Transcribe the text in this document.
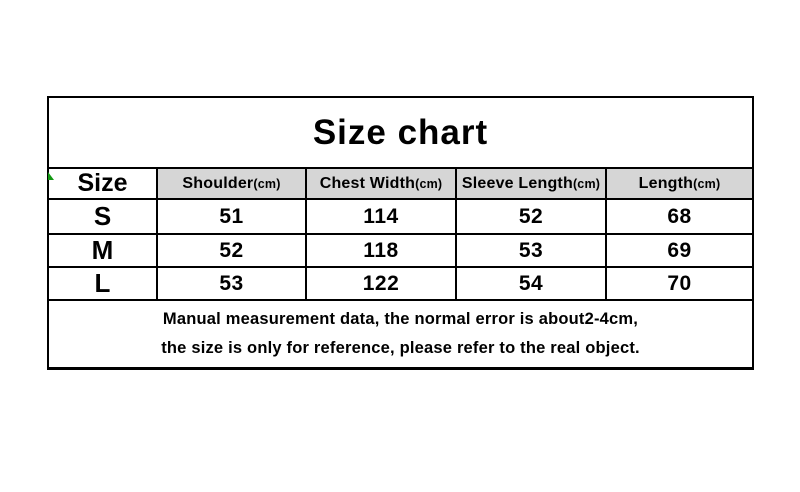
Size chart				
Size	Shoulder(cm)	Chest Width(cm)	Sleeve Length(cm)	Length(cm)
S	51	114	52	68
M	52	118	53	69
L	53	122	54	70

Manual measurement data, the normal error is about2-4cm,
the size is only for reference, please refer to the real object.				
